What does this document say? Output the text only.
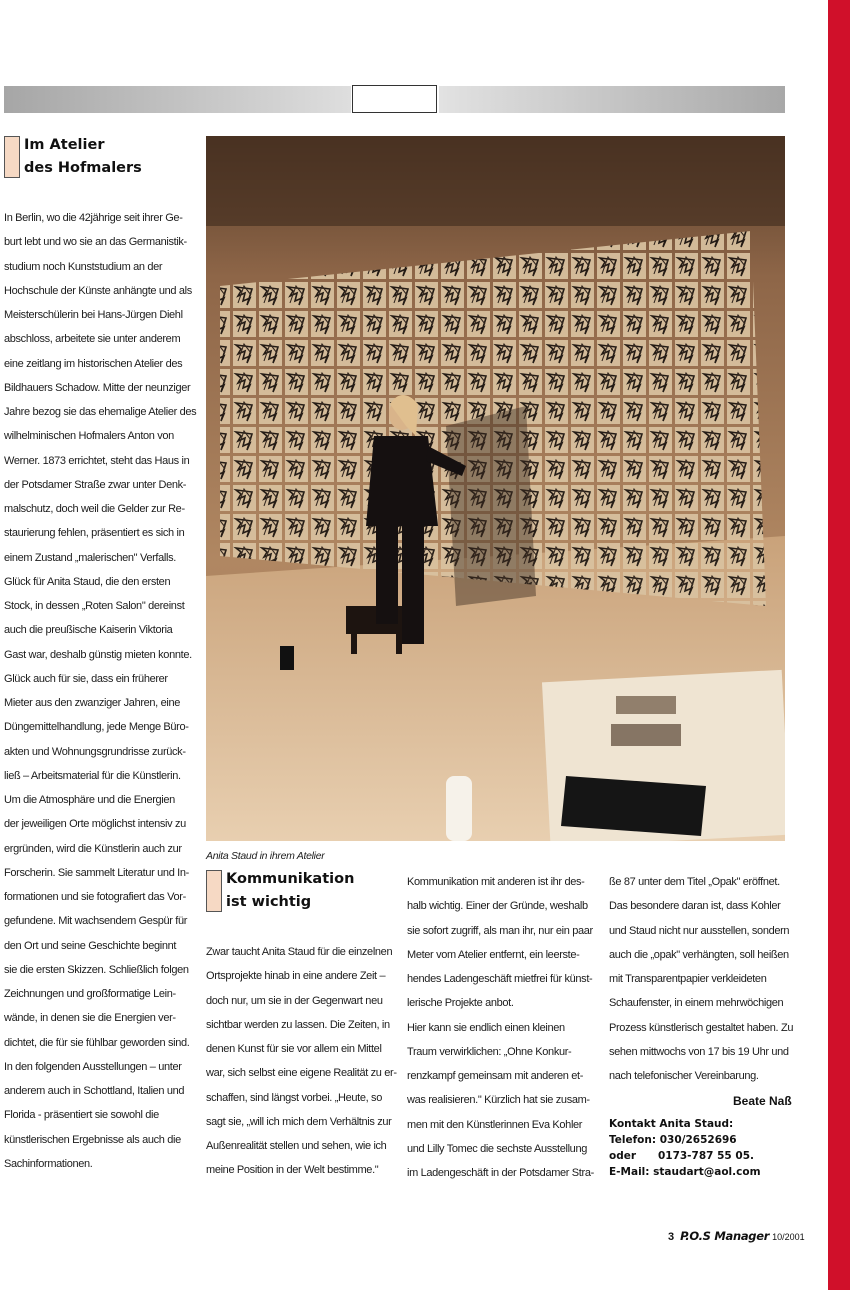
Im Atelier
des Hofmalers
In Berlin, wo die 42jährige seit ihrer Ge-
burt lebt und wo sie an das Germanistik-
studium noch Kunststudium an der
Hochschule der Künste anhängte und als
Meisterschülerin bei Hans-Jürgen Diehl
abschloss, arbeitete sie unter anderem
eine zeitlang im historischen Atelier des
Bildhauers Schadow. Mitte der neunziger
Jahre bezog sie das ehemalige Atelier des
wilhelminischen Hofmalers Anton von
Werner. 1873 errichtet, steht das Haus in
der Potsdamer Straße zwar unter Denk-
malschutz, doch weil die Gelder zur Re-
staurierung fehlen, präsentiert es sich in
einem Zustand „malerischen" Verfalls.
Glück für Anita Staud, die den ersten
Stock, in dessen „Roten Salon" dereinst
auch die preußische Kaiserin Viktoria
Gast war, deshalb günstig mieten konnte.
Glück auch für sie, dass ein früherer
Mieter aus den zwanziger Jahren, eine
Düngemittelhandlung, jede Menge Büro-
akten und Wohnungsgrundrisse zurück-
ließ – Arbeitsmaterial für die Künstlerin.
Um die Atmosphäre und die Energien
der jeweiligen Orte möglichst intensiv zu
ergründen, wird die Künstlerin auch zur
Forscherin. Sie sammelt Literatur und In-
formationen und sie fotografiert das Vor-
gefundene. Mit wachsendem Gespür für
den Ort und seine Geschichte beginnt
sie die ersten Skizzen. Schließlich folgen
Zeichnungen und großformatige Lein-
wände, in denen sie die Energien ver-
dichtet, die für sie fühlbar geworden sind.
In den folgenden Ausstellungen – unter
anderem auch in Schottland, Italien und
Florida - präsentiert sie sowohl die
künstlerischen Ergebnisse als auch die
Sachinformationen.
Anita Staud in ihrem Atelier
Kommunikation
ist wichtig
Zwar taucht Anita Staud für die einzelnen
Ortsprojekte hinab in eine andere Zeit –
doch nur, um sie in der Gegenwart neu
sichtbar werden zu lassen. Die Zeiten, in
denen Kunst für sie vor allem ein Mittel
war, sich selbst eine eigene Realität zu er-
schaffen, sind längst vorbei. „Heute, so
sagt sie, „will ich mich dem Verhältnis zur
Außenrealität stellen und sehen, wie ich
meine Position in der Welt bestimme."
Kommunikation mit anderen ist ihr des-
halb wichtig. Einer der Gründe, weshalb
sie sofort zugriff, als man ihr, nur ein paar
Meter vom Atelier entfernt, ein leerste-
hendes Ladengeschäft mietfrei für künst-
lerische Projekte anbot.
Hier kann sie endlich einen kleinen
Traum verwirklichen: „Ohne Konkur-
renzkampf gemeinsam mit anderen et-
was realisieren." Kürzlich hat sie zusam-
men mit den Künstlerinnen Eva Kohler
und Lilly Tomec die sechste Ausstellung
im Ladengeschäft in der Potsdamer Stra-
ße 87 unter dem Titel „Opak" eröffnet.
Das besondere daran ist, dass Kohler
und Staud nicht nur ausstellen, sondern
auch die „opak" verhängten, soll heißen
mit Transparentpapier verkleideten
Schaufenster, in einem mehrwöchigen
Prozess künstlerisch gestaltet haben. Zu
sehen mittwochs von 17 bis 19 Uhr und
nach telefonischer Vereinbarung.
Beate Naß
Kontakt Anita Staud:
Telefon: 030/2652696
oder      0173-787 55 05.
E-Mail: staudart@aol.com
3 P.O.S Manager 10/2001
